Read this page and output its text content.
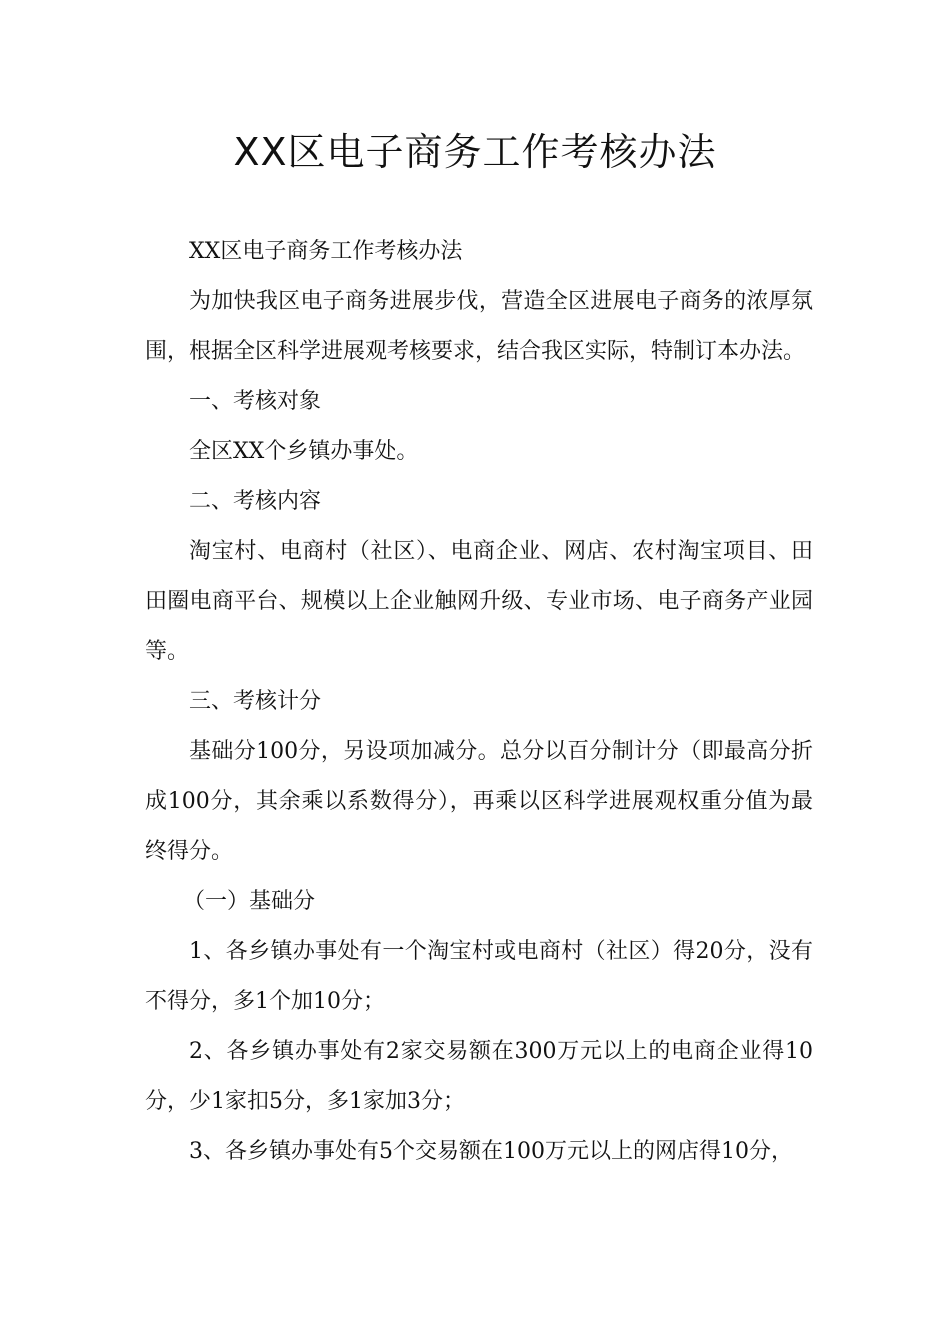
XX区电子商务工作考核办法

XX区电子商务工作考核办法

为加快我区电子商务进展步伐，营造全区进展电子商务的浓厚氛围，根据全区科学进展观考核要求，结合我区实际，特制订本办法。

一、考核对象

全区XX个乡镇办事处。

二、考核内容

淘宝村、电商村（社区）、电商企业、网店、农村淘宝项目、田田圈电商平台、规模以上企业触网升级、专业市场、电子商务产业园等。

三、考核计分

基础分100分，另设项加减分。总分以百分制计分（即最高分折成100分，其余乘以系数得分），再乘以区科学进展观权重分值为最终得分。

（一）基础分

1、各乡镇办事处有一个淘宝村或电商村（社区）得20分，没有不得分，多1个加10分；

2、各乡镇办事处有2家交易额在300万元以上的电商企业得10分，少1家扣5分，多1家加3分；

3、各乡镇办事处有5个交易额在100万元以上的网店得10分，
